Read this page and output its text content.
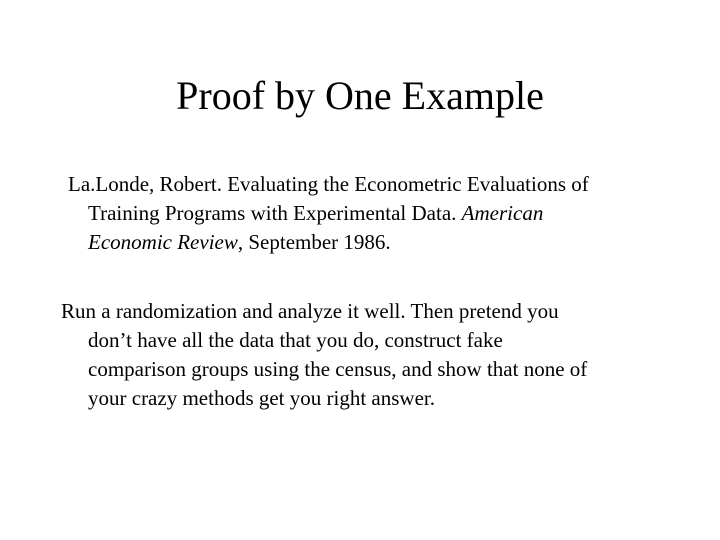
Proof by One Example
La.Londe, Robert. Evaluating the Econometric Evaluations of
Training Programs with Experimental Data. American
Economic Review, September 1986.
Run a randomization and analyze it well. Then pretend you
don’t have all the data that you do, construct fake
comparison groups using the census, and show that none of
your crazy methods get you right answer.
